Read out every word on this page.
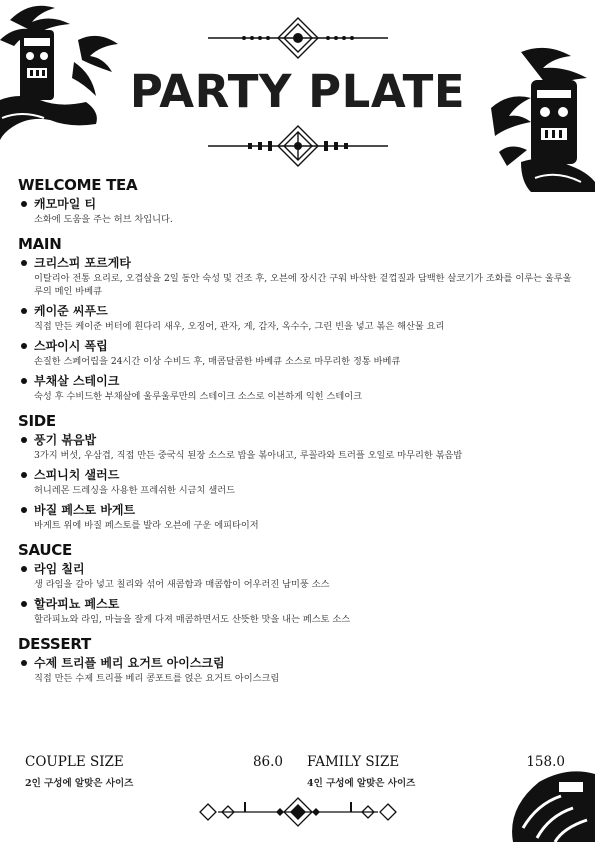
PARTY PLATE
WELCOME TEA
캐모마일 티
소화에 도움을 주는 허브 차입니다.
MAIN
크리스피 포르게타
이탈리아 전통 요리로, 오겹살을 2일 동안 숙성 및 건조 후, 오븐에 장시간 구워 바삭한 겉껍질과 담백한 살코기가 조화를 이루는 울루울루의 메인 바베큐
케이준 씨푸드
직접 만든 케이준 버터에 흰다리 새우, 오징어, 관자, 게, 감자, 옥수수, 그린 빈을 넣고 볶은 해산물 요리
스파이시 폭립
손질한 스페어립을 24시간 이상 수비드 후, 매콤달콤한 바베큐 소스로 마무리한 정통 바베큐
부채살 스테이크
숙성 후 수비드한 부채살에 울루울루만의 스테이크 소스로 이븐하게 익힌 스테이크
SIDE
풍기 볶음밥
3가지 버섯, 우삼겹, 직접 만든 중국식 된장 소스로 밥을 볶아내고, 루꼴라와 트러플 오일로 마무리한 볶음밥
스피니치 샐러드
허니레몬 드레싱을 사용한 프레쉬한 시금치 샐러드
바질 페스토 바게트
바게트 위에 바질 페스토를 발라 오븐에 구운 에피타이저
SAUCE
라임 칠리
생 라임을 갈아 넣고 칠리와 섞어 새콤함과 매콤함이 어우러진 남미풍 소스
할라피뇨 페스토
할라피뇨와 라임, 마늘을 잘게 다져 매콤하면서도 산뜻한 맛을 내는 페스토 소스
DESSERT
수제 트리플 베리 요거트 아이스크림
직접 만든 수제 트리플 베리 콩포트를 얹은 요거트 아이스크림
COUPLE SIZE	86.0
2인 구성에 알맞은 사이즈
FAMILY SIZE	158.0
4인 구성에 알맞은 사이즈
